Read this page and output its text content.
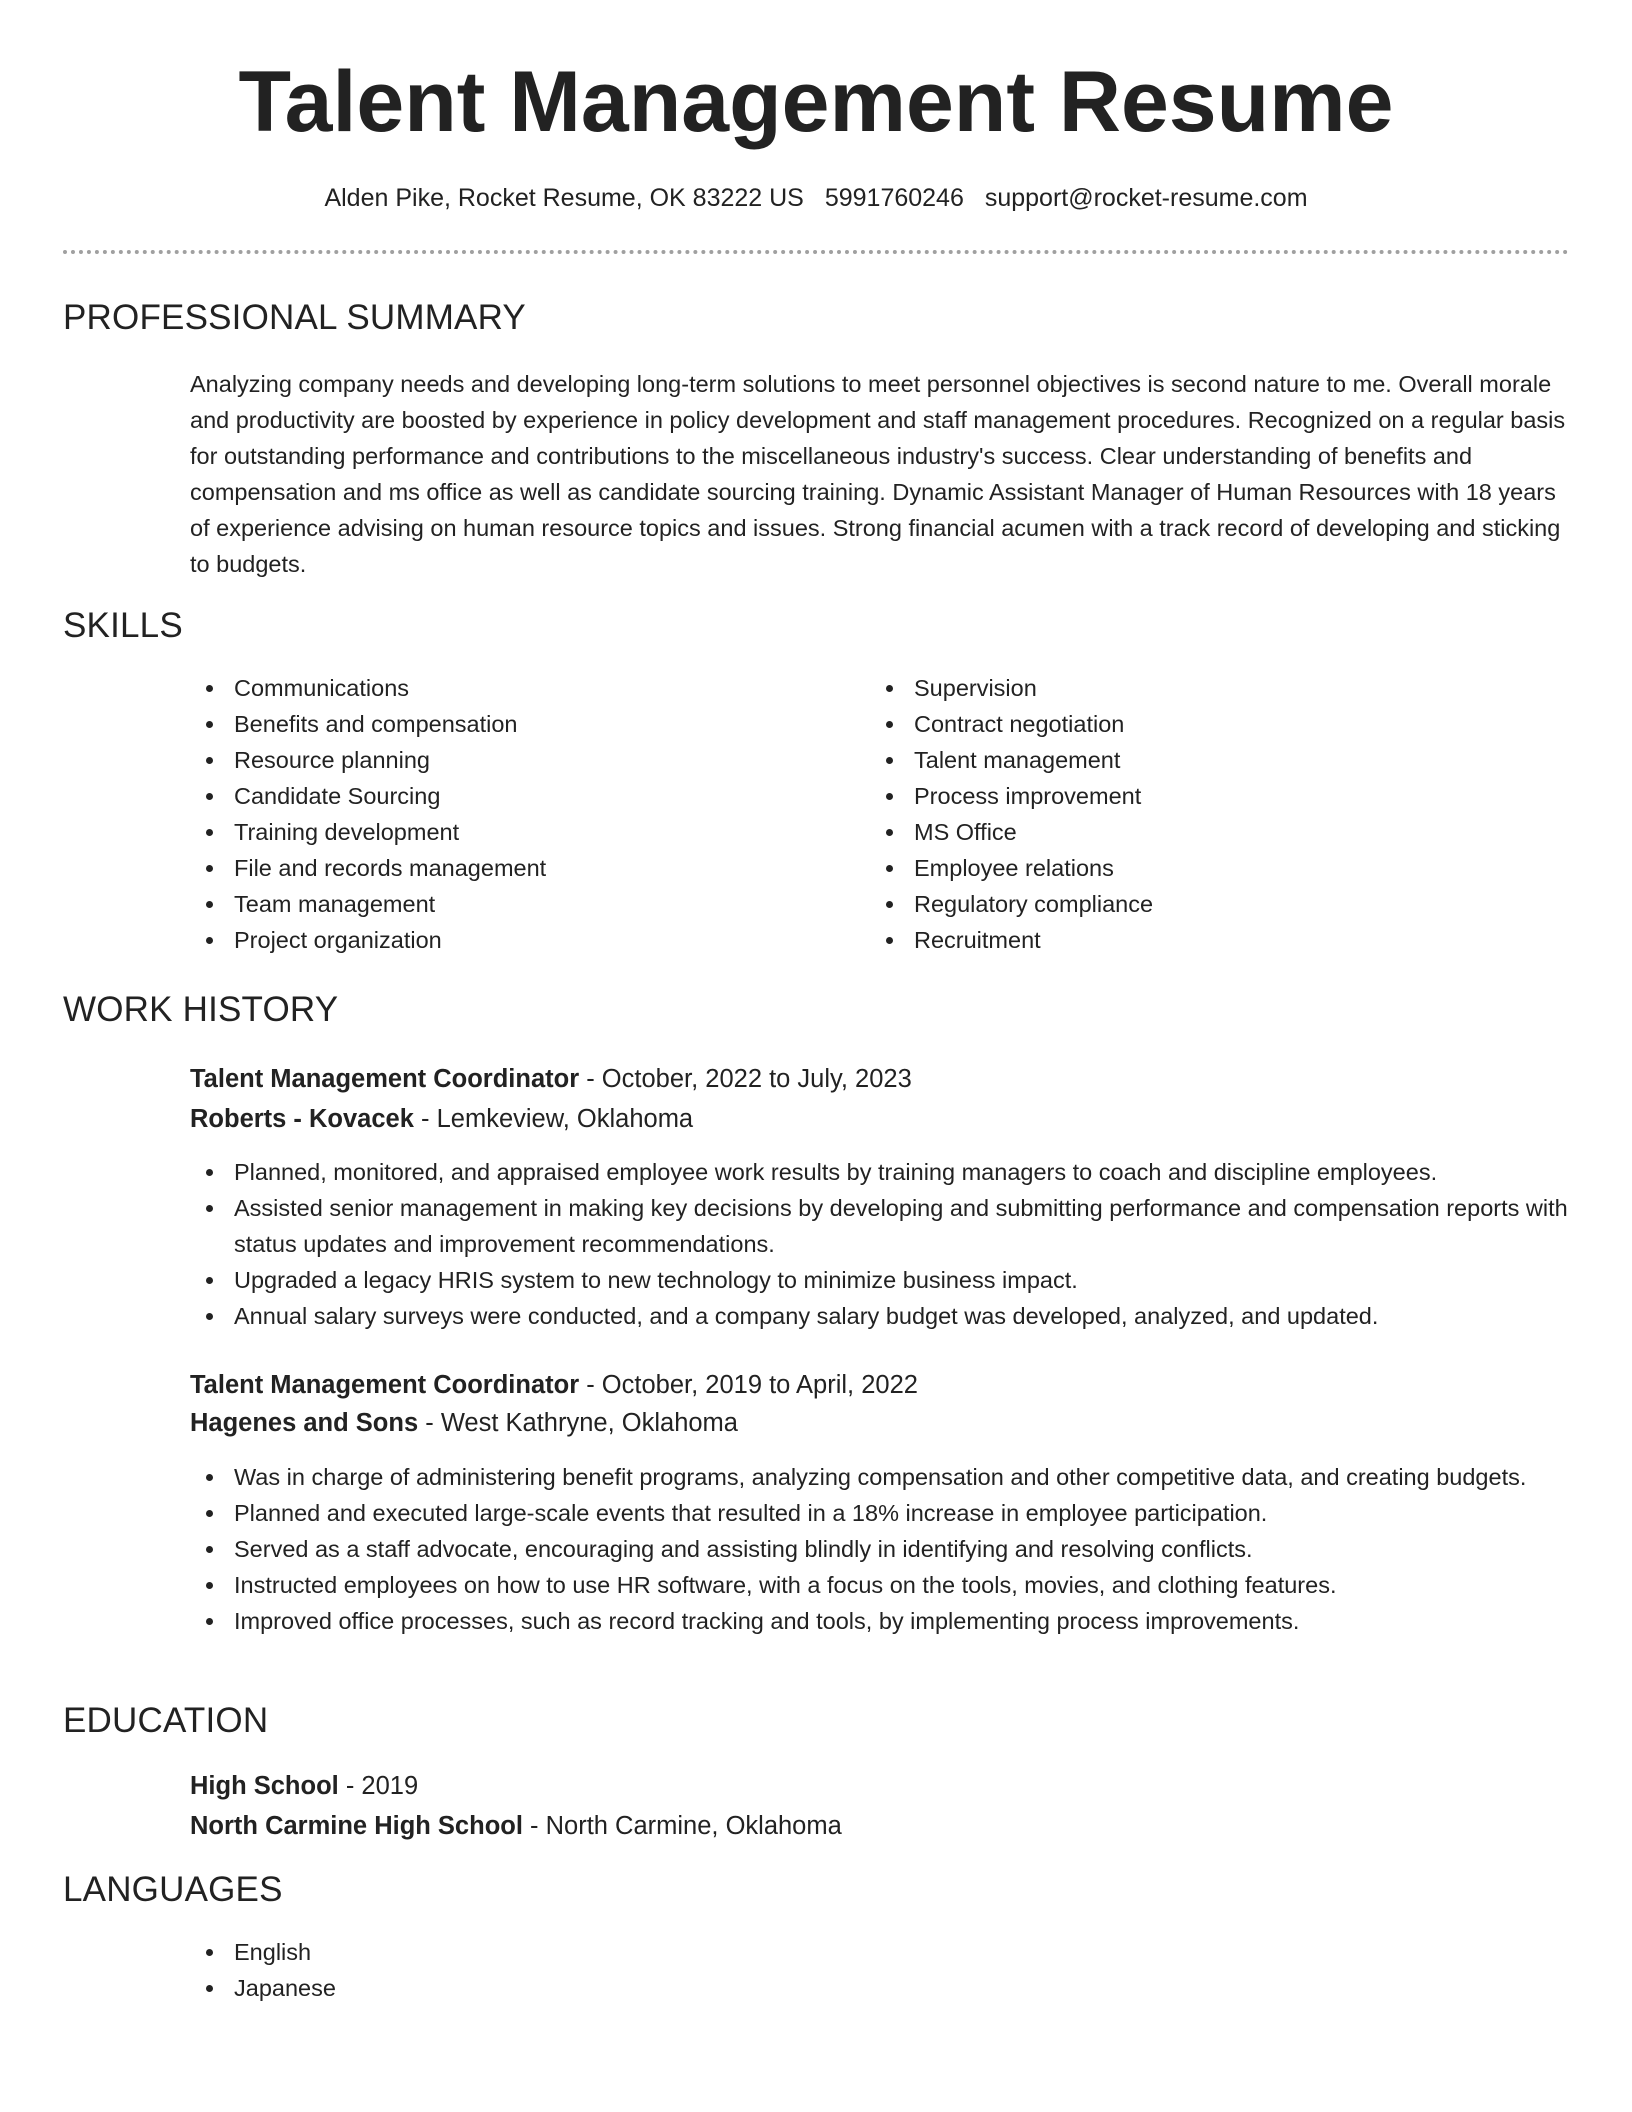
Talent Management Resume
Alden Pike, Rocket Resume, OK 83222 US 5991760246 support@rocket-resume.com
PROFESSIONAL SUMMARY

Analyzing company needs and developing long-term solutions to meet personnel objectives is second nature to me. Overall morale and productivity are boosted by experience in policy development and staff management procedures. Recognized on a regular basis for outstanding performance and contributions to the miscellaneous industry's success. Clear understanding of benefits and compensation and ms office as well as candidate sourcing training. Dynamic Assistant Manager of Human Resources with 18 years of experience advising on human resource topics and issues. Strong financial acumen with a track record of developing and sticking to budgets.

SKILLS
Communications
Benefits and compensation
Resource planning
Candidate Sourcing
Training development
File and records management
Team management
Project organization
Supervision
Contract negotiation
Talent management
Process improvement
MS Office
Employee relations
Regulatory compliance
Recruitment
WORK HISTORY
Talent Management Coordinator - October, 2022 to July, 2023
Roberts - Kovacek - Lemkeview, Oklahoma
Planned, monitored, and appraised employee work results by training managers to coach and discipline employees.
Assisted senior management in making key decisions by developing and submitting performance and compensation reports with status updates and improvement recommendations.
Upgraded a legacy HRIS system to new technology to minimize business impact.
Annual salary surveys were conducted, and a company salary budget was developed, analyzed, and updated.
Talent Management Coordinator - October, 2019 to April, 2022
Hagenes and Sons - West Kathryne, Oklahoma
Was in charge of administering benefit programs, analyzing compensation and other competitive data, and creating budgets.
Planned and executed large-scale events that resulted in a 18% increase in employee participation.
Served as a staff advocate, encouraging and assisting blindly in identifying and resolving conflicts.
Instructed employees on how to use HR software, with a focus on the tools, movies, and clothing features.
Improved office processes, such as record tracking and tools, by implementing process improvements.
EDUCATION
High School - 2019
North Carmine High School - North Carmine, Oklahoma
LANGUAGES
English
Japanese
